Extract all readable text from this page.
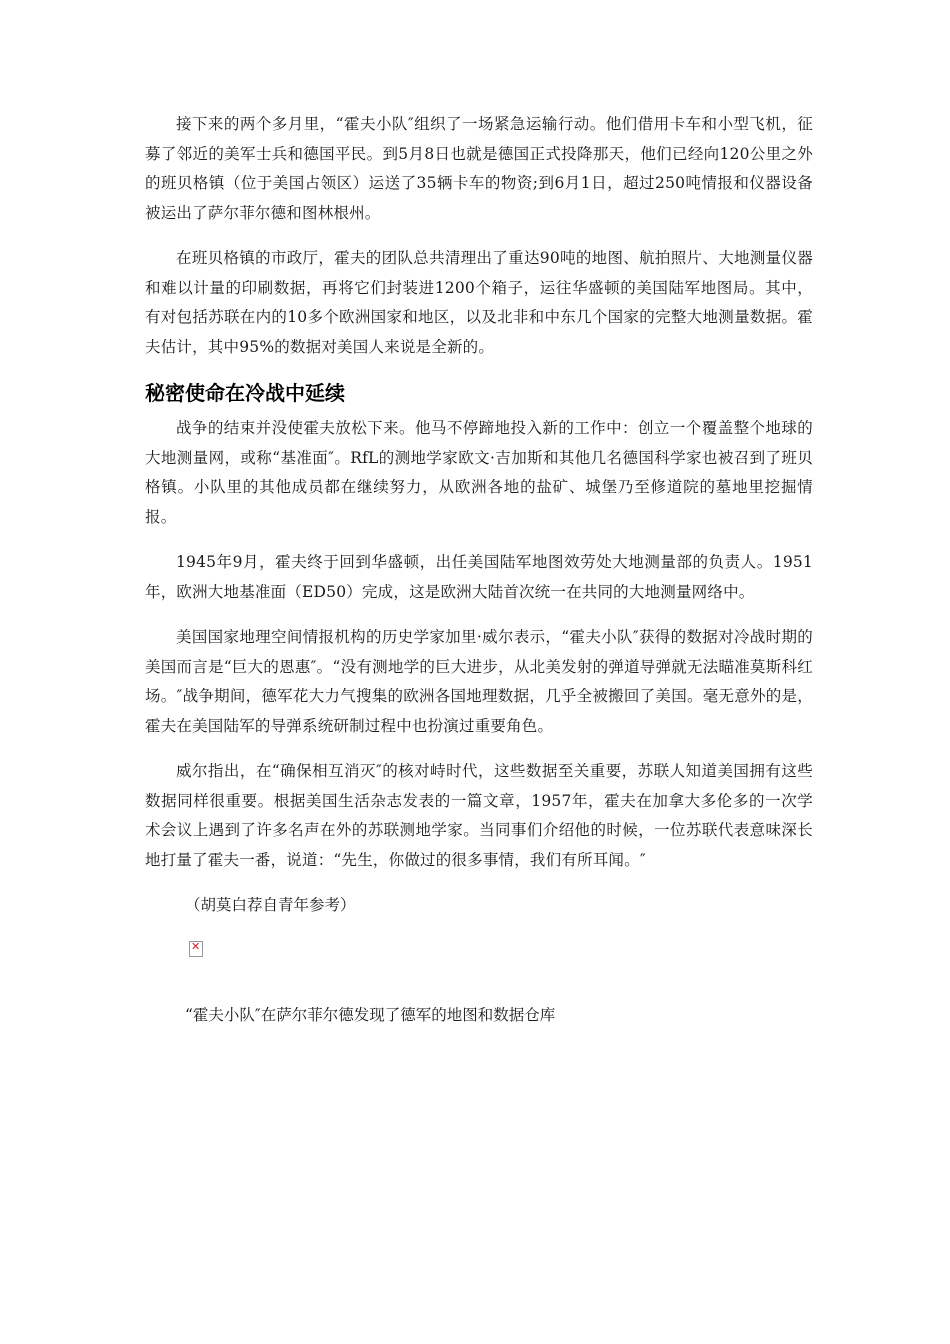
接下来的两个多月里，“霍夫小队″组织了一场紧急运输行动。他们借用卡车和小型飞机，征募了邻近的美军士兵和德国平民。到5月8日也就是德国正式投降那天，他们已经向120公里之外的班贝格镇（位于美国占领区）运送了35辆卡车的物资;到6月1日，超过250吨情报和仪器设备被运出了萨尔菲尔德和图林根州。

在班贝格镇的市政厅，霍夫的团队总共清理出了重达90吨的地图、航拍照片、大地测量仪器和难以计量的印刷数据，再将它们封装进1200个箱子，运往华盛顿的美国陆军地图局。其中，有对包括苏联在内的10多个欧洲国家和地区，以及北非和中东几个国家的完整大地测量数据。霍夫估计，其中95%的数据对美国人来说是全新的。

秘密使命在冷战中延续

战争的结束并没使霍夫放松下来。他马不停蹄地投入新的工作中：创立一个覆盖整个地球的大地测量网，或称“基准面″。RfL的测地学家欧文·吉加斯和其他几名德国科学家也被召到了班贝格镇。小队里的其他成员都在继续努力，从欧洲各地的盐矿、城堡乃至修道院的墓地里挖掘情报。

1945年9月，霍夫终于回到华盛顿，出任美国陆军地图效劳处大地测量部的负责人。1951年，欧洲大地基准面（ED50）完成，这是欧洲大陆首次统一在共同的大地测量网络中。

美国国家地理空间情报机构的历史学家加里·威尔表示，“霍夫小队″获得的数据对冷战时期的美国而言是“巨大的恩惠″。“没有测地学的巨大进步，从北美发射的弹道导弹就无法瞄准莫斯科红场。″战争期间，德军花大力气搜集的欧洲各国地理数据，几乎全被搬回了美国。毫无意外的是，霍夫在美国陆军的导弹系统研制过程中也扮演过重要角色。

威尔指出，在“确保相互消灭″的核对峙时代，这些数据至关重要，苏联人知道美国拥有这些数据同样很重要。根据美国生活杂志发表的一篇文章，1957年，霍夫在加拿大多伦多的一次学术会议上遇到了许多名声在外的苏联测地学家。当同事们介绍他的时候，一位苏联代表意味深长地打量了霍夫一番，说道：“先生，你做过的很多事情，我们有所耳闻。″

（胡莫白荐自青年参考）

✕

“霍夫小队″在萨尔菲尔德发现了德军的地图和数据仓库
